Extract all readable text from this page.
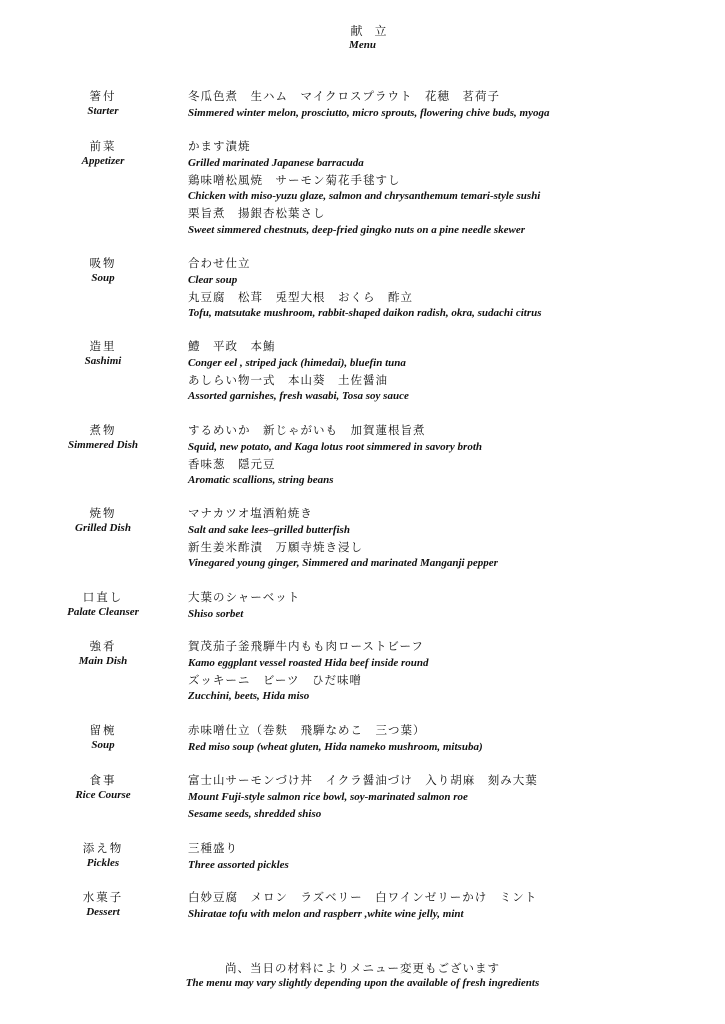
献立
Menu
箸付
Starter
冬瓜色煮　生ハム　マイクロスプラウト　花穂　茗荷子
Simmered winter melon, prosciutto, micro sprouts, flowering chive buds, myoga
前菜
Appetizer
かます漬焼
Grilled marinated Japanese barracuda
鶏味噌松風焼　サーモン菊花手毬すし
Chicken with miso-yuzu glaze, salmon and chrysanthemum temari-style sushi
栗旨煮　揚銀杏松葉さし
Sweet simmered chestnuts, deep-fried gingko nuts on a pine needle skewer
吸物
Soup
合わせ仕立
Clear soup
丸豆腐　松茸　兎型大根　おくら　酢立
Tofu, matsutake mushroom, rabbit-shaped daikon radish, okra, sudachi citrus
造里
Sashimi
鱧　平政　本鮪
Conger eel , striped jack (himedai), bluefin tuna
あしらい物一式　本山葵　土佐醤油
Assorted garnishes, fresh wasabi, Tosa soy sauce
煮物
Simmered Dish
するめいか　新じゃがいも　加賀蓮根旨煮
Squid, new potato, and Kaga lotus root simmered in savory broth
香味葱　隠元豆
Aromatic scallions, string beans
焼物
Grilled Dish
マナカツオ塩酒粕焼き
Salt and sake lees–grilled butterfish
新生姜米酢漬　万願寺焼き浸し
Vinegared young ginger, Simmered and marinated Manganji pepper
口直し
Palate Cleanser
大葉のシャーベット
Shiso sorbet
強肴
Main Dish
賀茂茄子釜飛騨牛内もも肉ローストビーフ
Kamo eggplant vessel roasted Hida beef inside round
ズッキーニ　ビーツ　ひだ味噌
Zucchini, beets, Hida miso
留椀
Soup
赤味噌仕立（巻麩　飛騨なめこ　三つ葉）
Red miso soup (wheat gluten, Hida nameko mushroom, mitsuba)
食事
Rice Course
富士山サーモンづけ丼　イクラ醤油づけ　入り胡麻　刻み大葉
Mount Fuji-style salmon rice bowl, soy-marinated salmon roe
Sesame seeds, shredded shiso
添え物
Pickles
三種盛り
Three assorted pickles
水菓子
Dessert
白妙豆腐　メロン　ラズベリー　白ワインゼリーかけ　ミント
Shiratae tofu with melon and raspberr ,white wine jelly, mint
尚、当日の材料によりメニュー変更もございます
The menu may vary slightly depending upon the available of fresh ingredients
